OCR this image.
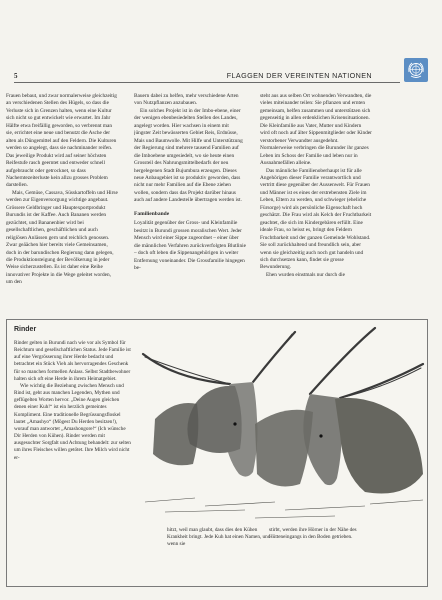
5	FLAGGEN DER VEREINTEN NATIONEN

Frauen bebaut, und zwar normalerweise gleichzeitig an verschiedenen Stellen des Hügels, so dass die Verluste sich in Grenzen halten, wenn eine Kultur sich nicht so gut entwickelt wie erwartet. Im Jahr Hälfte etwa freifällig geworden, so verbrennt man sie, errichtet eine neue und benutzt die Asche der alten als Düngemittel auf den Feldern. Die Kulturen werden so angelegt, dass sie nachminander reifen. Das jeweilige Produkt wird auf seiner höchsten Reifestufe rasch geerntet und entweder schnell aufgebraucht oder getrocknet, so dass Nacherntezeiterluste kein allzu grosses Problem darstellen.

Mais, Gemüse, Cassava, Süsskartoffeln und Hirse werden zur Eigenversorgung wichtige angebaut. Grössere Geldbringer und Hauptexportprodukt Burundis ist der Kaffee. Auch Bananen werden gezüchtet, und Bananenbier wird bei gesellschaftlichen, geschäftlichen und auch religiösen Anlässen gern und reichlich genossen. Zwar geäächen hier bereits viele Gemeinsamen, doch in der barundischen Regierung dann gelegen, die Produktionsteigung der Bevölkerung in jeder Weise sicherzustellen. Es ist daher eine Reihe innovativer Projekte in die Wege geleitet worden, um den

Bauern dabei zu helfen, mehr verschiedene Arten von Nutzpflanzen anzubauen.

Ein solches Projekt ist in der Imbo-ebene, einer der wenigen ebenbesiedelten Stellen des Landes, angelegt worden. Hier wachsen in einem mit jüngster Zeit bewässerten Gebiet Reis, Erdnüsse, Mais und Baumwolle. Mit Hilfe und Unterstützung der Regierung sind mehrere tausend Familien auf die Imboebene umgesiedelt, wo sie heute einen Grossteil des Nahrungsmittelbedarfs der neu hergelegenen Stadt Bujumbura erzeugen. Dieses neue Anbaugebiet ist so produktiv geworden, dass nicht nur mehr Familien auf die Ebene ziehen wollen, sondern dass das Projekt darüber hinaus auch auf andere Landesteile übertragen werden ist.

Familienbande

Loyalität gegenüber der Gross- und Kleinfamilie besitzt in Burundi grossen moralischen Wert. Jeder Mensch wird einer Sippe zugeordnet – einer über die männlichen Verfahren zurückverfolgten Blutlinie – doch oft leben die Sippenangehörigen in weiter Entfernung voneinander. Die Grossfamilie hingegen be-

steht aus aus selben Ort wohnenden Verwandten, die vieles miteinander teilen: Sie pflanzen und ernten gemeinsam, helfen zusammen und unterstützen sich gegenseitig in allen erdenklichen Krisensituationen. Die Kleinfamilie aus Vater, Mutter und Kindern wird oft noch auf älter Sippenmitglieder oder Kinder verstorbener Verwandter ausgedehnt. Normalerweise verbringen die Burunder ihr ganzes Leben im Schoss der Familie und leben nur in Ausnahmefällen alleine.

Das männliche Familienoberhaupt ist für alle Angehörigen dieser Familie verantwortlich und vertritt diese gegenüber der Aussenwelt. Für Frauen und Männer ist es eines der erstrebensten Ziele im Leben, Eltern zu werden, und schwieger (eheliche Fürsorge) wird als persönliche Eigenschaft hoch geschätzt. Die Frau wird als Kelch der Fruchtbarkeit geachtet, die sich im Kindergebären erfüllt. Eine ideale Frau, so heisst es, bringt den Feldern Fruchtbarkeit und der ganzen Gemeinde Wohlstand. Sie soll zurückhaltend und freundlich sein, aber wenn sie gleichzeitig auch noch gut handeln und sich durchsetzen kann, findet sie grosse Bewunderung.

Ehen wurden einstmals nur durch die

Rinder

Rinder gelten in Burundi nach wie vor als Symbol für Reichtum und gesellschaftlichen Status. Jede Familie ist auf eine Vergrösserung ihrer Herde bedacht und betrachtet ein Stück Vieh als hervorragendes Geschenk für so manchen formellen Anlass. Selbst Stadtbewohner halten sich oft eine Herde in ihrem Heimatgebiet.

Wie wichtig die Beziehung zwischen Mensch und Rind ist, geht aus manchen Legenden, Mythen und geflügelten Worten hervor. „Deine Augen gleichen denen einer Kuh!“ ist ein herzlich gemeintes Kompliment. Eine traditionelle Begrüssungsfloskel lautet „Amashyo“ (Mögest Du Herden besitzen!), worauf man antwortet „Amashongore!“ (Ich wünsche Dir Herden von Kühen). Rinder werden mit ausgesuchter Sorgfalt und Achtung behandelt: zur selten um ihres Fleisches willen getötet. Ihre Milch wird nicht er-

hitzt, weil man glaubt, dass dies den Kühen Krankheit bringt. Jede Kuh hat einen Namen, und wenn sie
stirbt, werden ihre Hörner in der Nähe des Hütteneingangs in den Boden getrieben.
